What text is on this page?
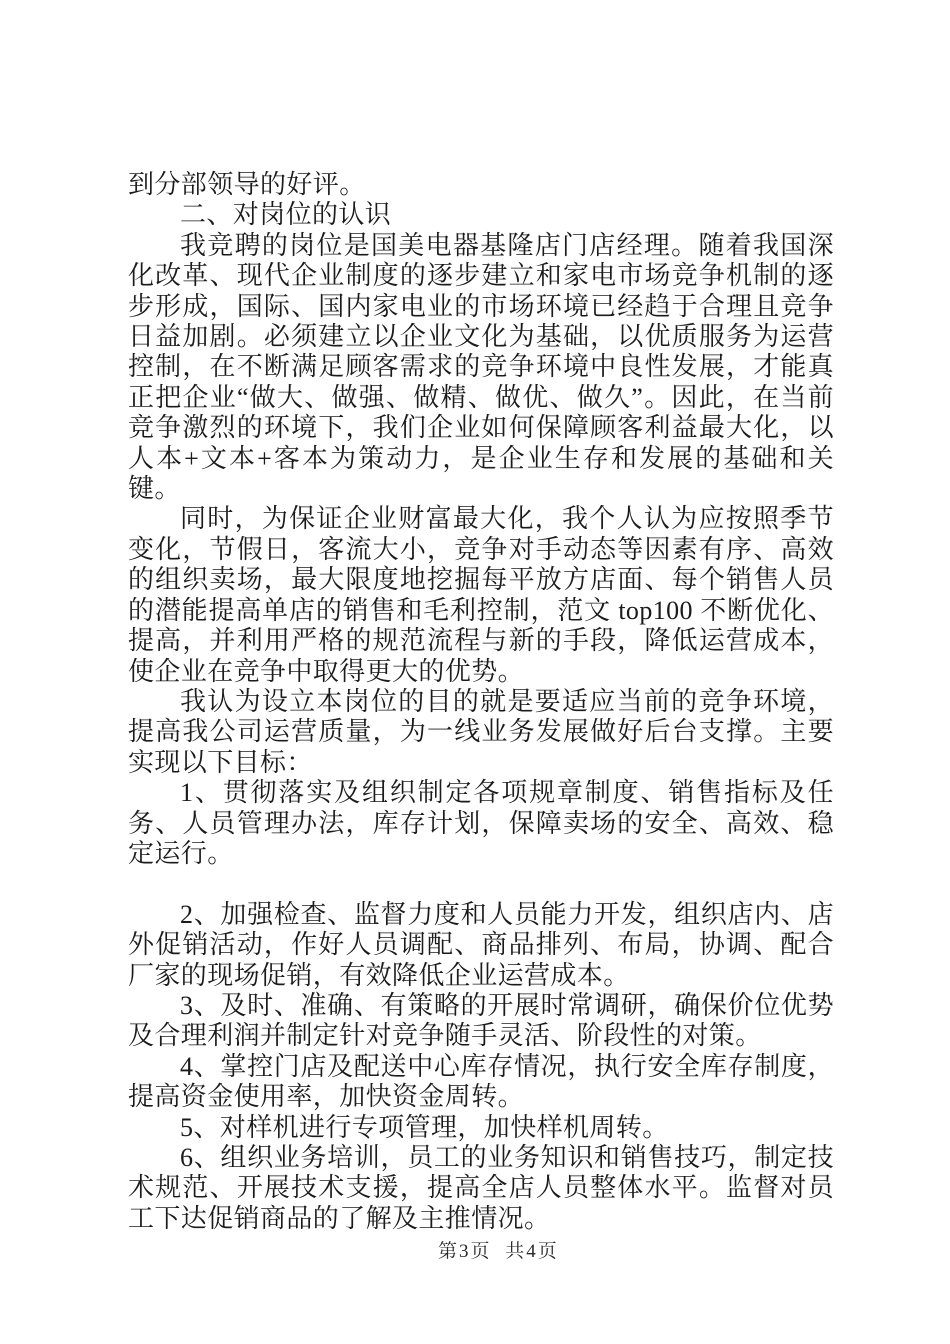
到分部领导的好评。

二、对岗位的认识

我竞聘的岗位是国美电器基隆店门店经理。随着我国深化改革、现代企业制度的逐步建立和家电市场竞争机制的逐步形成，国际、国内家电业的市场环境已经趋于合理且竞争日益加剧。必须建立以企业文化为基础，以优质服务为运营控制，在不断满足顾客需求的竞争环境中良性发展，才能真正把企业“做大、做强、做精、做优、做久”。因此，在当前竞争激烈的环境下，我们企业如何保障顾客利益最大化，以人本+文本+客本为策动力，是企业生存和发展的基础和关键。

同时，为保证企业财富最大化，我个人认为应按照季节变化，节假日，客流大小，竞争对手动态等因素有序、高效的组织卖场，最大限度地挖掘每平放方店面、每个销售人员的潜能提高单店的销售和毛利控制，范文 top100 不断优化、提高，并利用严格的规范流程与新的手段，降低运营成本，使企业在竞争中取得更大的优势。

我认为设立本岗位的目的就是要适应当前的竞争环境，提高我公司运营质量，为一线业务发展做好后台支撑。主要实现以下目标：

1、贯彻落实及组织制定各项规章制度、销售指标及任务、人员管理办法，库存计划，保障卖场的安全、高效、稳定运行。

2、加强检查、监督力度和人员能力开发，组织店内、店外促销活动，作好人员调配、商品排列、布局，协调、配合厂家的现场促销，有效降低企业运营成本。

3、及时、准确、有策略的开展时常调研，确保价位优势及合理利润并制定针对竞争随手灵活、阶段性的对策。

4、掌控门店及配送中心库存情况，执行安全库存制度，提高资金使用率，加快资金周转。

5、对样机进行专项管理，加快样机周转。

6、组织业务培训，员工的业务知识和销售技巧，制定技术规范、开展技术支援，提高全店人员整体水平。监督对员工下达促销商品的了解及主推情况。

第3页 共4页
